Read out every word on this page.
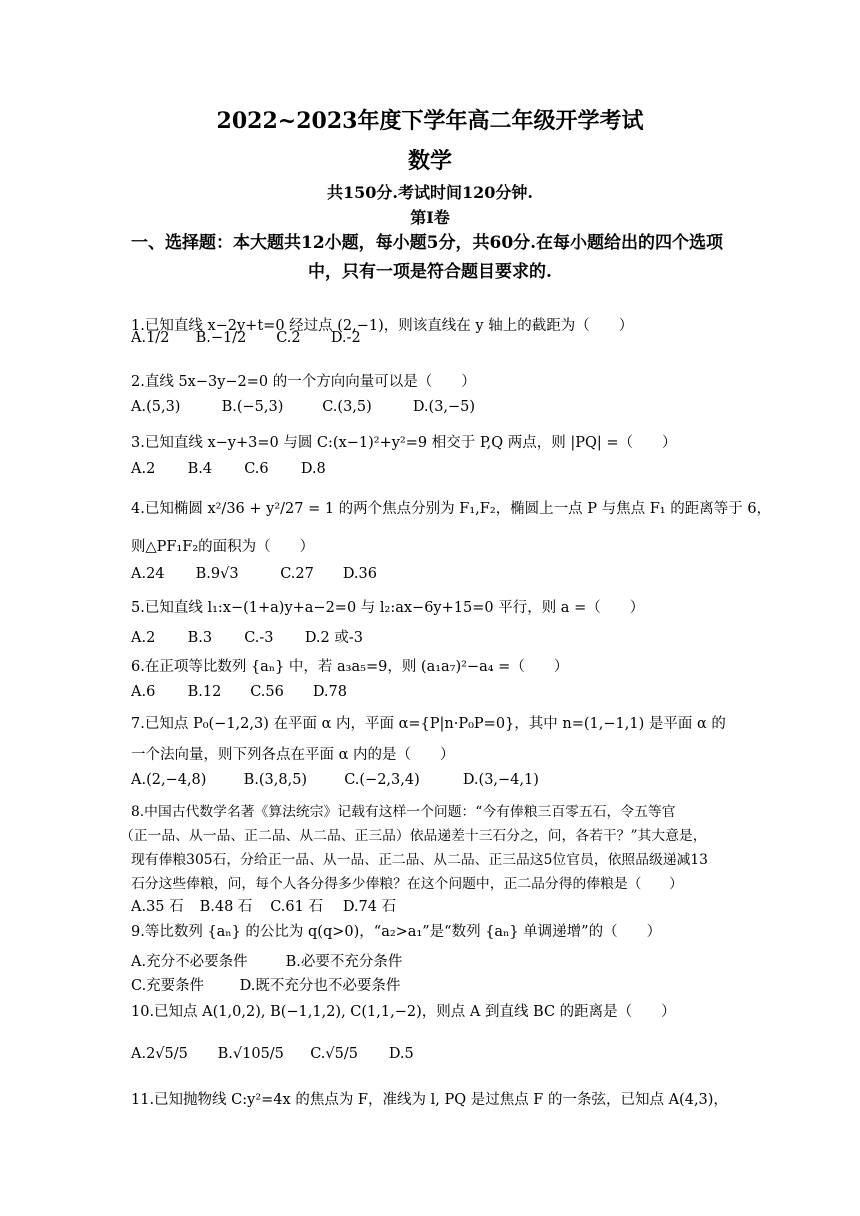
2022~2023年度下学年高二年级开学考试
数学
共150分.考试时间120分钟.
第I卷
一、选择题：本大题共12小题，每小题5分，共60分.在每小题给出的四个选项
中，只有一项是符合题目要求的.
1.已知直线 x−2y+t=0 经过点 (2,−1)，则该直线在 y 轴上的截距为（　　）
A.1/2 B.−1/2 C.2 D.-2
2.直线 5x−3y−2=0 的一个方向向量可以是（　　）
A.(5,3)	B.(−5,3)	C.(3,5)	D.(3,−5)
3.已知直线 x−y+3=0 与圆 C:(x−1)²+y²=9 相交于 P,Q 两点，则 |PQ| =（　　）
A.2 B.4 C.6 D.8
4.已知椭圆 x²/36 + y²/27 = 1 的两个焦点分别为 F₁,F₂，椭圆上一点 P 与焦点 F₁ 的距离等于 6，
则△PF₁F₂的面积为（　　）
A.24 B.9√3	C.27 D.36
5.已知直线 l₁:x−(1+a)y+a−2=0 与 l₂:ax−6y+15=0 平行，则 a =（　　）
A.2 B.3 C.-3 D.2 或-3
6.在正项等比数列 {aₙ} 中，若 a₃a₅=9，则 (a₁a₇)²−a₄ =（　　）
A.6 B.12 C.56 D.78
7.已知点 P₀(−1,2,3) 在平面 α 内，平面 α={P|n·P₀P=0}，其中 n=(1,−1,1) 是平面 α 的
一个法向量，则下列各点在平面 α 内的是（　　）
A.(2,−4,8)	B.(3,8,5)	C.(−2,3,4)	D.(3,−4,1)
8.中国古代数学名著《算法统宗》记载有这样一个问题：“今有俸粮三百零五石，令五等官
（正一品、从一品、正二品、从二品、正三品）依品递差十三石分之，问，各若干？”其大意是，
现有俸粮305石，分给正一品、从一品、正二品、从二品、正三品这5位官员，依照品级递减13
石分这些俸粮，问，每个人各分得多少俸粮？在这个问题中，正二品分得的俸粮是（　　）
A.35 石 B.48 石 C.61 石 D.74 石
9.等比数列 {aₙ} 的公比为 q(q>0)，“a₂>a₁”是“数列 {aₙ} 单调递增”的（　　）
A.充分不必要条件	B.必要不充分条件
C.充要条件 D.既不充分也不必要条件
10.已知点 A(1,0,2), B(−1,1,2), C(1,1,−2)，则点 A 到直线 BC 的距离是（　　）
A.2√5/5 B.√105/5 C.√5/5 D.5
11.已知抛物线 C:y²=4x 的焦点为 F，准线为 l, PQ 是过焦点 F 的一条弦，已知点 A(4,3)，
